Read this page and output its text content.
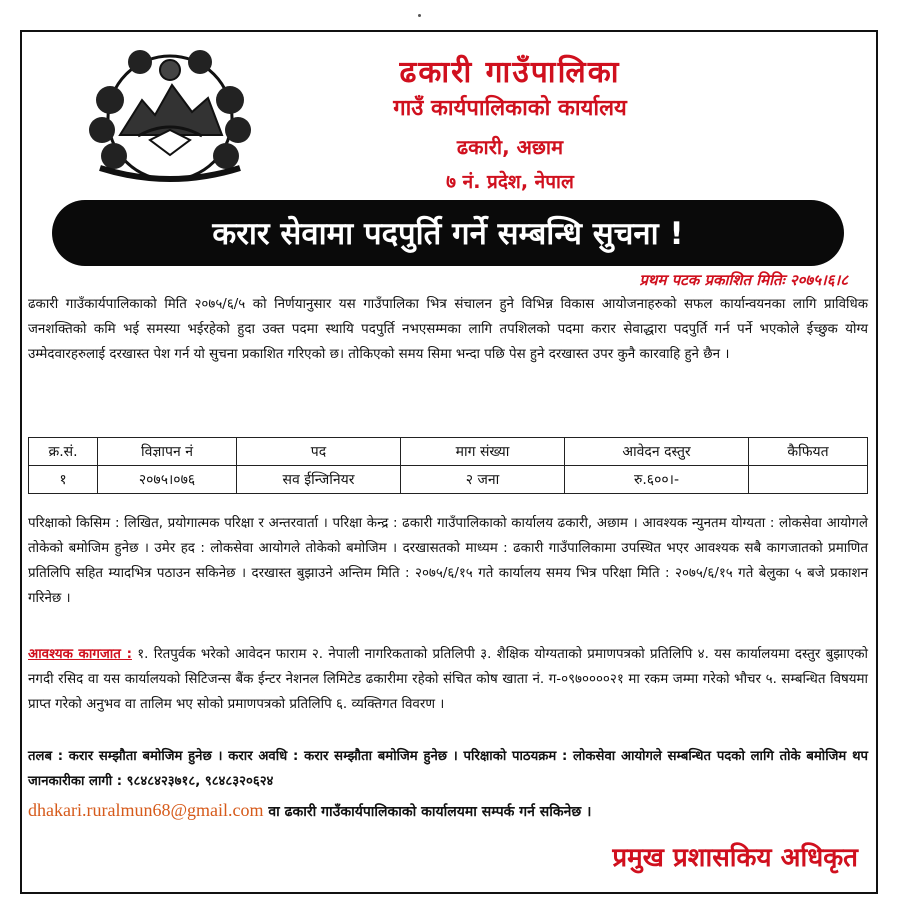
ढकारी गाउँपालिका
गाउँ कार्यपालिकाको कार्यालय
ढकारी, अछाम
७ नं. प्रदेश, नेपाल
करार सेवामा पदपुर्ति गर्ने सम्बन्धि सुचना !
प्रथम पटक प्रकाशित मितिः २०७५।६।८
ढकारी गाउँकार्यपालिकाको मिति २०७५/६/५ को निर्णयानुसार यस गाउँपालिका भित्र संचालन हुने विभिन्न विकास आयोजनाहरुको सफल कार्यान्वयनका लागि प्राविधिक जनशक्तिको कमि भई समस्या भईरहेको हुदा उक्त पदमा स्थायि पदपुर्ति नभएसम्मका लागि तपशिलको पदमा करार सेवाद्धारा पदपुर्ति गर्न पर्ने भएकोले ईच्छुक योग्य उम्मेदवारहरुलाई दरखास्त पेश गर्न यो सुचना प्रकाशित गरिएको छ। तोकिएको समय सिमा भन्दा पछि पेस हुने दरखास्त उपर कुनै कारवाहि हुने छैन ।
क्र.सं.	विज्ञापन नं	पद	माग संख्या	आवेदन दस्तुर	कैफियत
१	२०७५।०७६	सव ईन्जिनियर	२ जना	रु.६००।-	
परिक्षाको किसिम : लिखित, प्रयोगात्मक परिक्षा र अन्तरवार्ता । परिक्षा केन्द्र : ढकारी गाउँपालिकाको कार्यालय ढकारी, अछाम । आवश्यक न्युनतम योग्यता : लोकसेवा आयोगले तोकेको बमोजिम हुनेछ । उमेर हद : लोकसेवा आयोगले तोकेको बमोजिम । दरखासतको माध्यम : ढकारी गाउँपालिकामा उपस्थित भएर आवश्यक सबै कागजातको प्रमाणित प्रतिलिपि सहित म्यादभित्र पठाउन सकिनेछ । दरखास्त बुझाउने अन्तिम मिति : २०७५/६/१५ गते कार्यालय समय भित्र परिक्षा मिति : २०७५/६/१५ गते बेलुका ५ बजे प्रकाशन गरिनेछ ।
आवश्यक कागजात : १. रितपुर्वक भरेको आवेदन फाराम २. नेपाली नागरिकताको प्रतिलिपी ३. शैक्षिक योग्यताको प्रमाणपत्रको प्रतिलिपि ४. यस कार्यालयमा दस्तुर बुझाएको नगदी रसिद वा यस कार्यालयको सिटिजन्स बैंक ईन्टर नेशनल लिमिटेड ढकारीमा रहेको संचित कोष खाता नं. ग-०९७००००२१ मा रकम जम्मा गरेको भौचर ५. सम्बन्धित विषयमा प्राप्त गरेको अनुभव वा तालिम भए सोको प्रमाणपत्रको प्रतिलिपि ६. व्यक्तिगत विवरण ।
तलब : करार सम्झौता बमोजिम हुनेछ । करार अवधि : करार सम्झौता बमोजिम हुनेछ । परिक्षाको पाठयक्रम : लोकसेवा आयोगले सम्बन्धित पदको लागि तोके बमोजिम थप जानकारीका लागी : ९८४८४२३७१८, ९८४८३२०६२४
dhakari.ruralmun68@gmail.com वा ढकारी गाउँकार्यपालिकाको कार्यालयमा सम्पर्क गर्न सकिनेछ ।
प्रमुख प्रशासकिय अधिकृत
